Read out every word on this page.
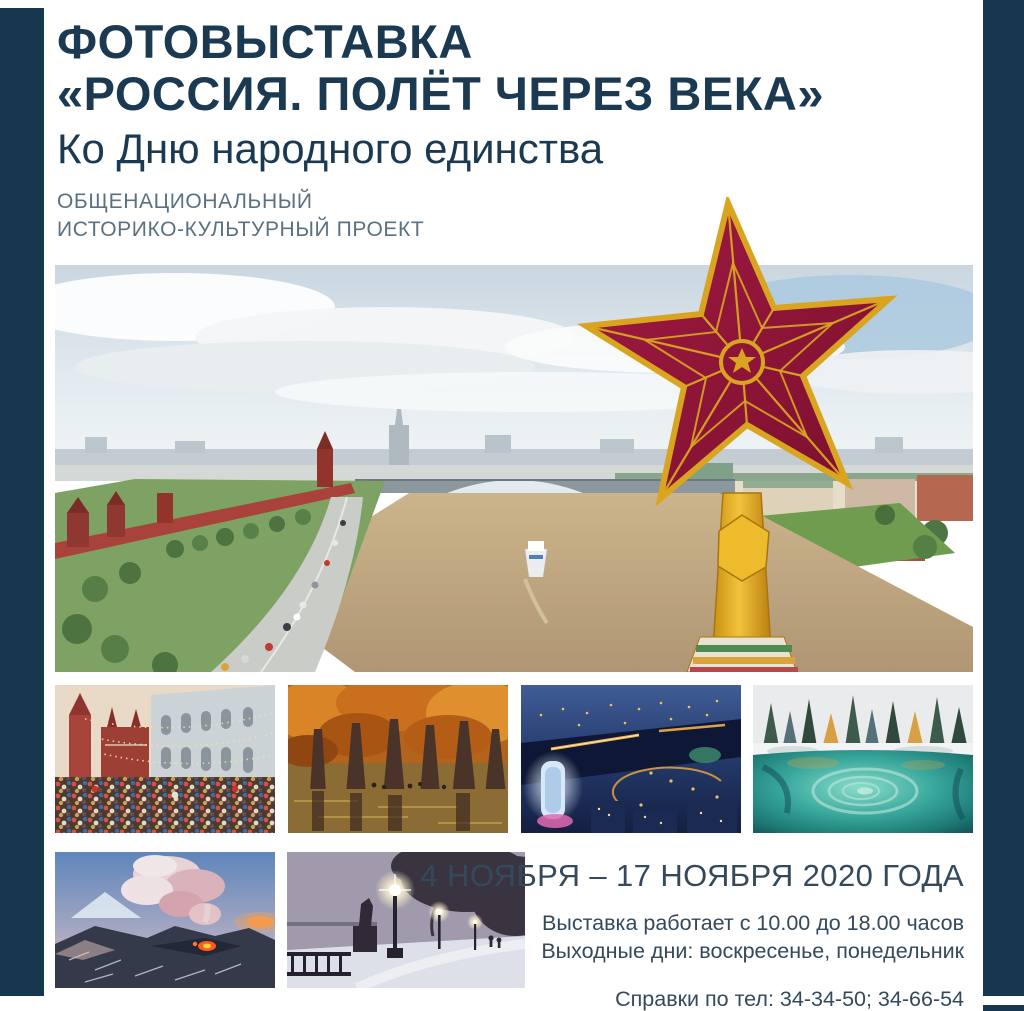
ФОТОВЫСТАВКА
«РОССИЯ. ПОЛЁТ ЧЕРЕЗ ВЕКА»
Ко Дню народного единства
ОБЩЕНАЦИОНАЛЬНЫЙ
ИСТОРИКО-КУЛЬТУРНЫЙ ПРОЕКТ
4 НОЯБРЯ – 17 НОЯБРЯ 2020 ГОДА
Выставка работает с 10.00 до 18.00 часов
Выходные дни: воскресенье, понедельник
Справки по тел: 34-34-50; 34-66-54
